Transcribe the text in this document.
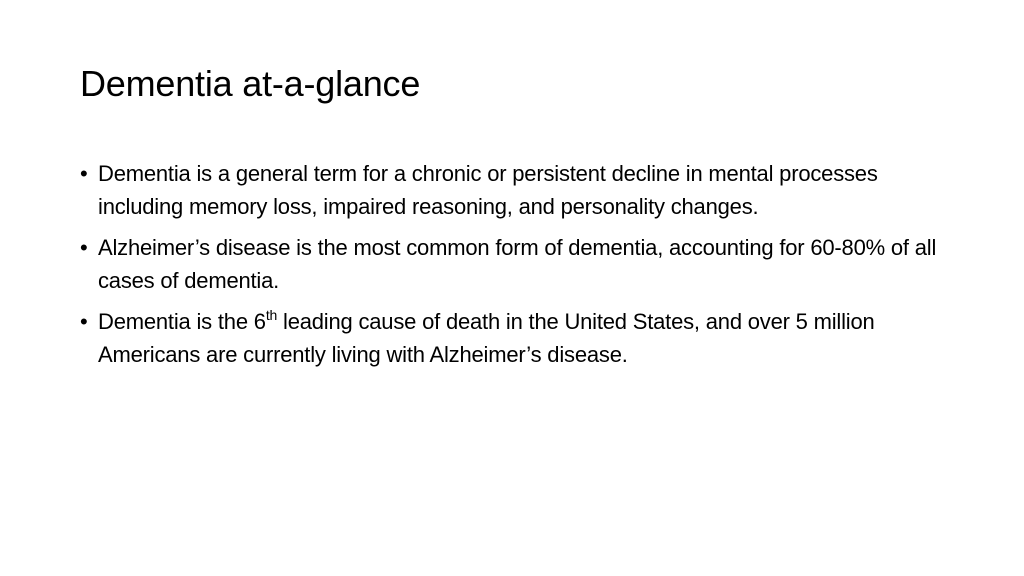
Dementia at-a-glance
• Dementia is a general term for a chronic or persistent decline in mental processes including memory loss, impaired reasoning, and personality changes.
• Alzheimer’s disease is the most common form of dementia, accounting for 60-80% of all cases of dementia.
• Dementia is the 6th leading cause of death in the United States, and over 5 million Americans are currently living with Alzheimer’s disease.
